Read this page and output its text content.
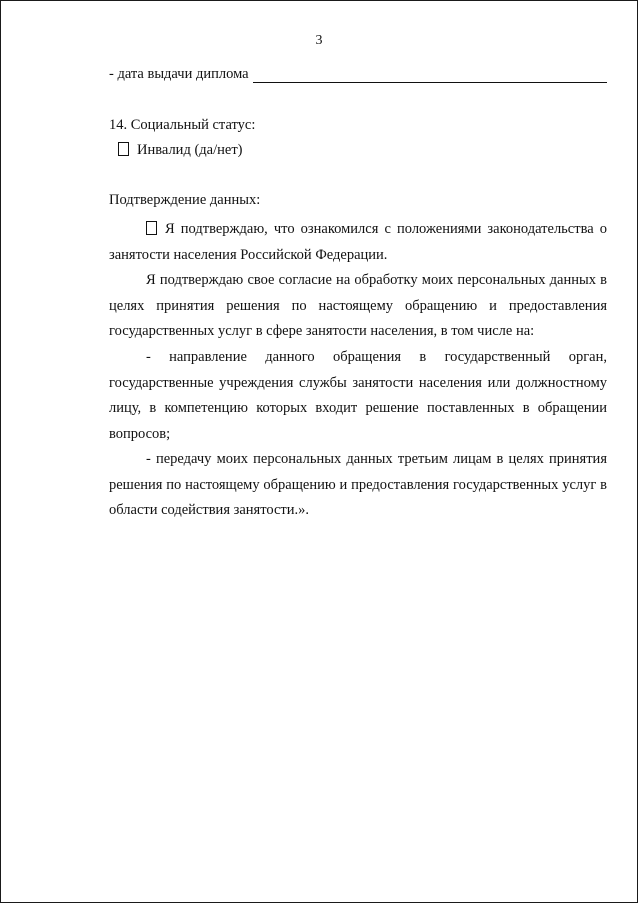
3
- дата выдачи диплома
14. Социальный статус:
Инвалид (да/нет)
Подтверждение данных:
Я подтверждаю, что ознакомился с положениями законодательства о занятости населения Российской Федерации.
Я подтверждаю свое согласие на обработку моих персональных данных в целях принятия решения по настоящему обращению и предоставления государственных услуг в сфере занятости населения, в том числе на:
- направление данного обращения в государственный орган, государственные учреждения службы занятости населения или должностному лицу, в компетенцию которых входит решение поставленных в обращении вопросов;
- передачу моих персональных данных третьим лицам в целях принятия решения по настоящему обращению и предоставления государственных услуг в области содействия занятости.».
